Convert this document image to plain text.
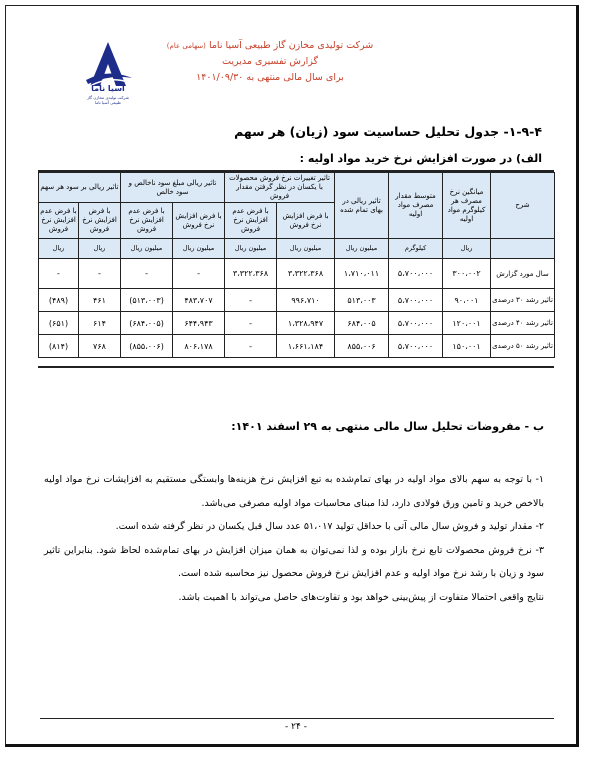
شرکت تولیدی مخازن گاز طبیعی آسیا ناما (سهامی عام)
گزارش تفسیری مدیریت
برای سال مالی منتهی به ۱۴۰۱/۰۹/۳۰
آسیا ناما
شرکت تولیدی مخازن گاز طبیعی آسیا ناما
۱-۹-۴- جدول تحلیل حساسیت سود (زیان) هر سهم
الف) در صورت افزایش نرخ خرید مواد اولیه :
شرح	میانگین نرخ مصرف هر کیلوگرم مواد اولیه	متوسط مقدار مصرف مواد اولیه	تاثیر ریالی در بهای تمام شده	تاثیر تغییرات نرخ فروش محصولات با یکسان در نظر گرفتن مقدار فروش		تاثیر ریالی مبلغ سود ناخالص و سود خالص		تاثیر ریالی بر سود هر سهم	
				با فرض افزایش نرخ فروش	با فرض عدم افزایش نرخ فروش	با فرض افزایش نرخ فروش	با فرض عدم افزایش نرخ فروش	با فرض افزایش نرخ فروش	با فرض عدم افزایش نرخ فروش
	ریال	کیلوگرم	میلیون ریال	میلیون ریال	میلیون ریال	میلیون ریال	میلیون ریال	ریال	ریال
سال مورد گزارش	۳۰۰،۰۰۲	۵،۷۰۰،۰۰۰	۱،۷۱۰،۰۱۱	۳،۳۲۲،۳۶۸	۳،۳۲۲،۳۶۸	-	-	-	-
تاثیر رشد ۳۰ درصدی	۹۰،۰۰۱	۵،۷۰۰،۰۰۰	۵۱۳،۰۰۳	۹۹۶،۷۱۰	-	۴۸۳،۷۰۷	(۵۱۳،۰۰۳)	۴۶۱	(۴۸۹)
تاثیر رشد ۴۰ درصدی	۱۲۰،۰۰۱	۵،۷۰۰،۰۰۰	۶۸۴،۰۰۵	۱،۳۲۸،۹۴۷	-	۶۴۴،۹۴۳	(۶۸۴،۰۰۵)	۶۱۴	(۶۵۱)
تاثیر رشد ۵۰ درصدی	۱۵۰،۰۰۱	۵،۷۰۰،۰۰۰	۸۵۵،۰۰۶	۱،۶۶۱،۱۸۴	-	۸۰۶،۱۷۸	(۸۵۵،۰۰۶)	۷۶۸	(۸۱۴)
ب - مفروضات تحلیل سال مالی منتهی به ۲۹ اسفند ۱۴۰۱:

۱- با توجه به سهم بالای مواد اولیه در بهای تمام‌شده به تبع افزایش نرخ هزینه‌ها وابستگی مستقیم به افزایشات نرخ مواد اولیه بالاخص خرید و تامین ورق فولادی دارد، لذا مبنای محاسبات مواد اولیه مصرفی می‌باشد.

۲- مقدار تولید و فروش سال مالی آتی با حداقل تولید ۵۱،۰۱۷ عدد سال قبل یکسان در نظر گرفته شده است.

۳- نرخ فروش محصولات تابع نرخ بازار بوده و لذا نمی‌توان به همان میزان افزایش در بهای تمام‌شده لحاظ شود. بنابراین تاثیر سود و زیان با رشد نرخ مواد اولیه و عدم افزایش نرخ فروش محصول نیز محاسبه شده است.

نتایج واقعی احتمالا متفاوت از پیش‌بینی خواهد بود و تفاوت‌های حاصل می‌تواند با اهمیت باشد.

- ۲۴ -
